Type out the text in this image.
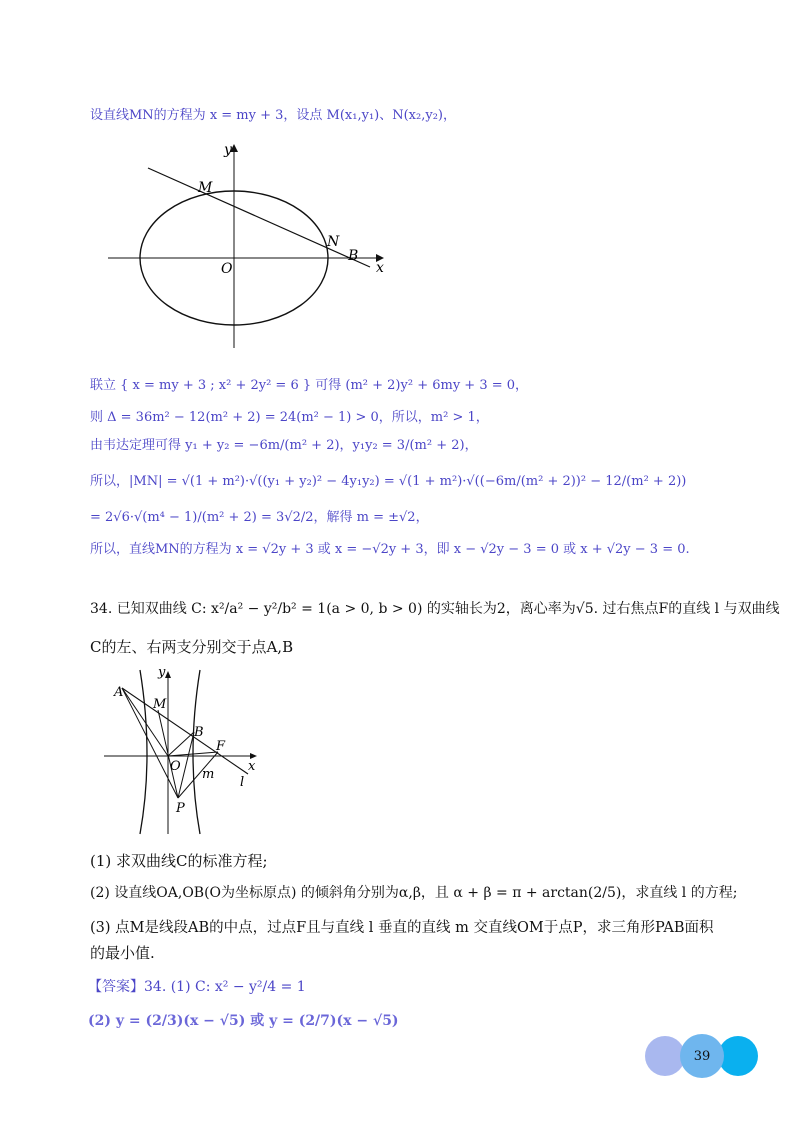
设直线MN的方程为 x = my + 3，设点 M(x₁,y₁)、N(x₂,y₂)，
y
x
M
N
B
O
联立 { x = my + 3 ; x² + 2y² = 6 } 可得 (m² + 2)y² + 6my + 3 = 0，
则 Δ = 36m² − 12(m² + 2) = 24(m² − 1) > 0，所以，m² > 1，
由韦达定理可得 y₁ + y₂ = −6m/(m² + 2)，y₁y₂ = 3/(m² + 2)，
所以，|MN| = √(1 + m²)·√((y₁ + y₂)² − 4y₁y₂) = √(1 + m²)·√((−6m/(m² + 2))² − 12/(m² + 2))
= 2√6·√(m⁴ − 1)/(m² + 2) = 3√2/2，解得 m = ±√2，
所以，直线MN的方程为 x = √2y + 3 或 x = −√2y + 3，即 x − √2y − 3 = 0 或 x + √2y − 3 = 0.
34. 已知双曲线 C: x²/a² − y²/b² = 1(a > 0, b > 0) 的实轴长为2，离心率为√5. 过右焦点F的直线 l 与双曲线
C的左、右两支分别交于点A,B
A
y
M
B
F
O	x
m
l
P
(1) 求双曲线C的标准方程;
(2) 设直线OA,OB(O为坐标原点) 的倾斜角分别为α,β，且 α + β = π + arctan(2/5)，求直线 l 的方程;
(3) 点M是线段AB的中点，过点F且与直线 l 垂直的直线 m 交直线OM于点P，求三角形PAB面积
的最小值.
【答案】34. (1) C: x² − y²/4 = 1
(2) y = (2/3)(x − √5) 或 y = (2/7)(x − √5)
39
